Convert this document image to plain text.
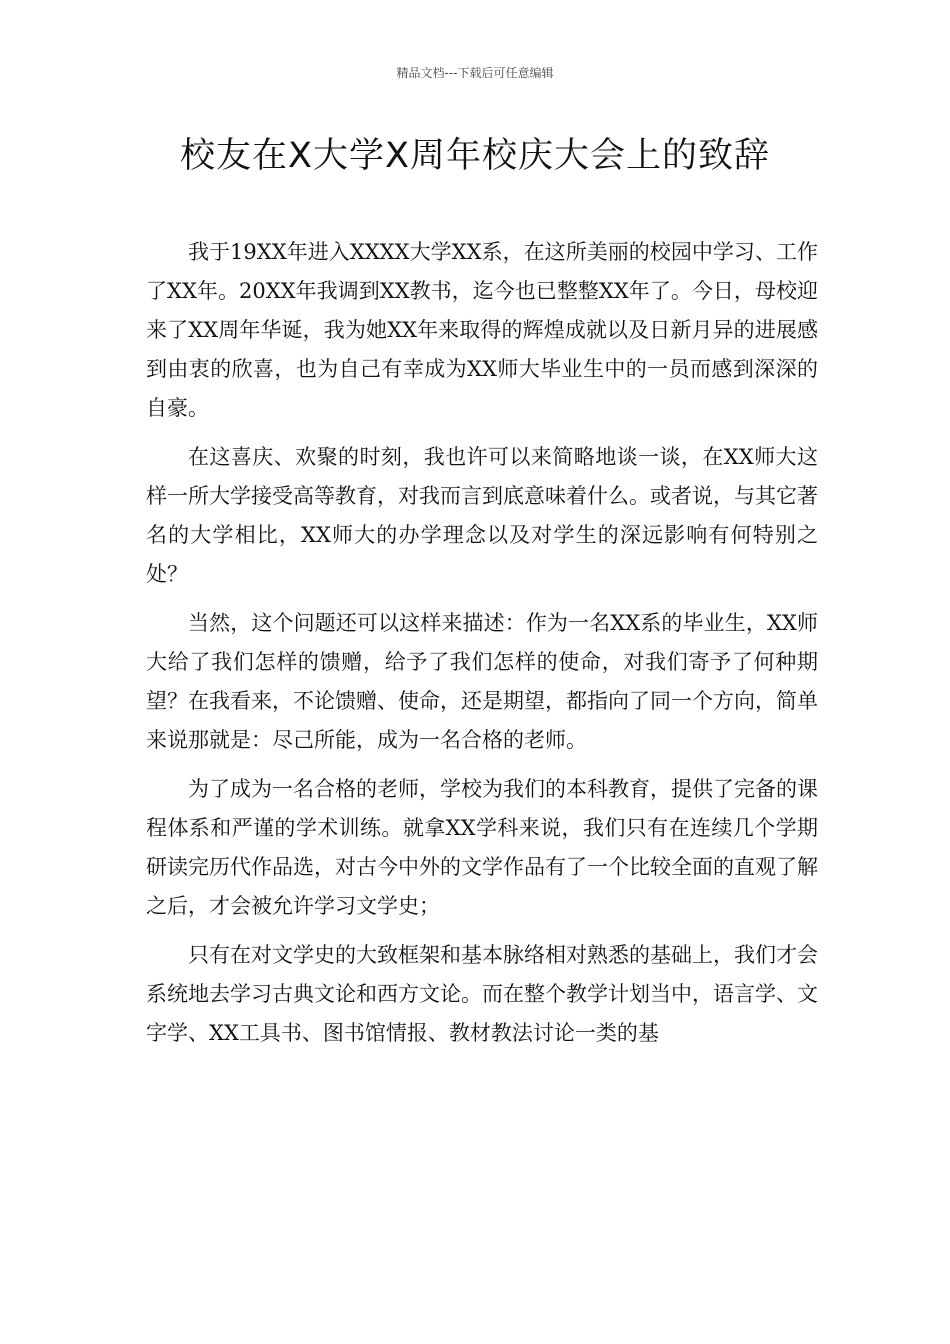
精品文档---下载后可任意编辑
校友在X大学X周年校庆大会上的致辞

我于19XX年进入XXXX大学XX系，在这所美丽的校园中学习、工作了XX年。20XX年我调到XX教书，迄今也已整整XX年了。今日，母校迎来了XX周年华诞，我为她XX年来取得的辉煌成就以及日新月异的进展感到由衷的欣喜，也为自己有幸成为XX师大毕业生中的一员而感到深深的自豪。

在这喜庆、欢聚的时刻，我也许可以来简略地谈一谈，在XX师大这样一所大学接受高等教育，对我而言到底意味着什么。或者说，与其它著名的大学相比，XX师大的办学理念以及对学生的深远影响有何特别之处？

当然，这个问题还可以这样来描述：作为一名XX系的毕业生，XX师大给了我们怎样的馈赠，给予了我们怎样的使命，对我们寄予了何种期望？在我看来，不论馈赠、使命，还是期望，都指向了同一个方向，简单来说那就是：尽己所能，成为一名合格的老师。

为了成为一名合格的老师，学校为我们的本科教育，提供了完备的课程体系和严谨的学术训练。就拿XX学科来说，我们只有在连续几个学期研读完历代作品选，对古今中外的文学作品有了一个比较全面的直观了解之后，才会被允许学习文学史；

只有在对文学史的大致框架和基本脉络相对熟悉的基础上，我们才会系统地去学习古典文论和西方文论。而在整个教学计划当中，语言学、文字学、XX工具书、图书馆情报、教材教法讨论一类的基
